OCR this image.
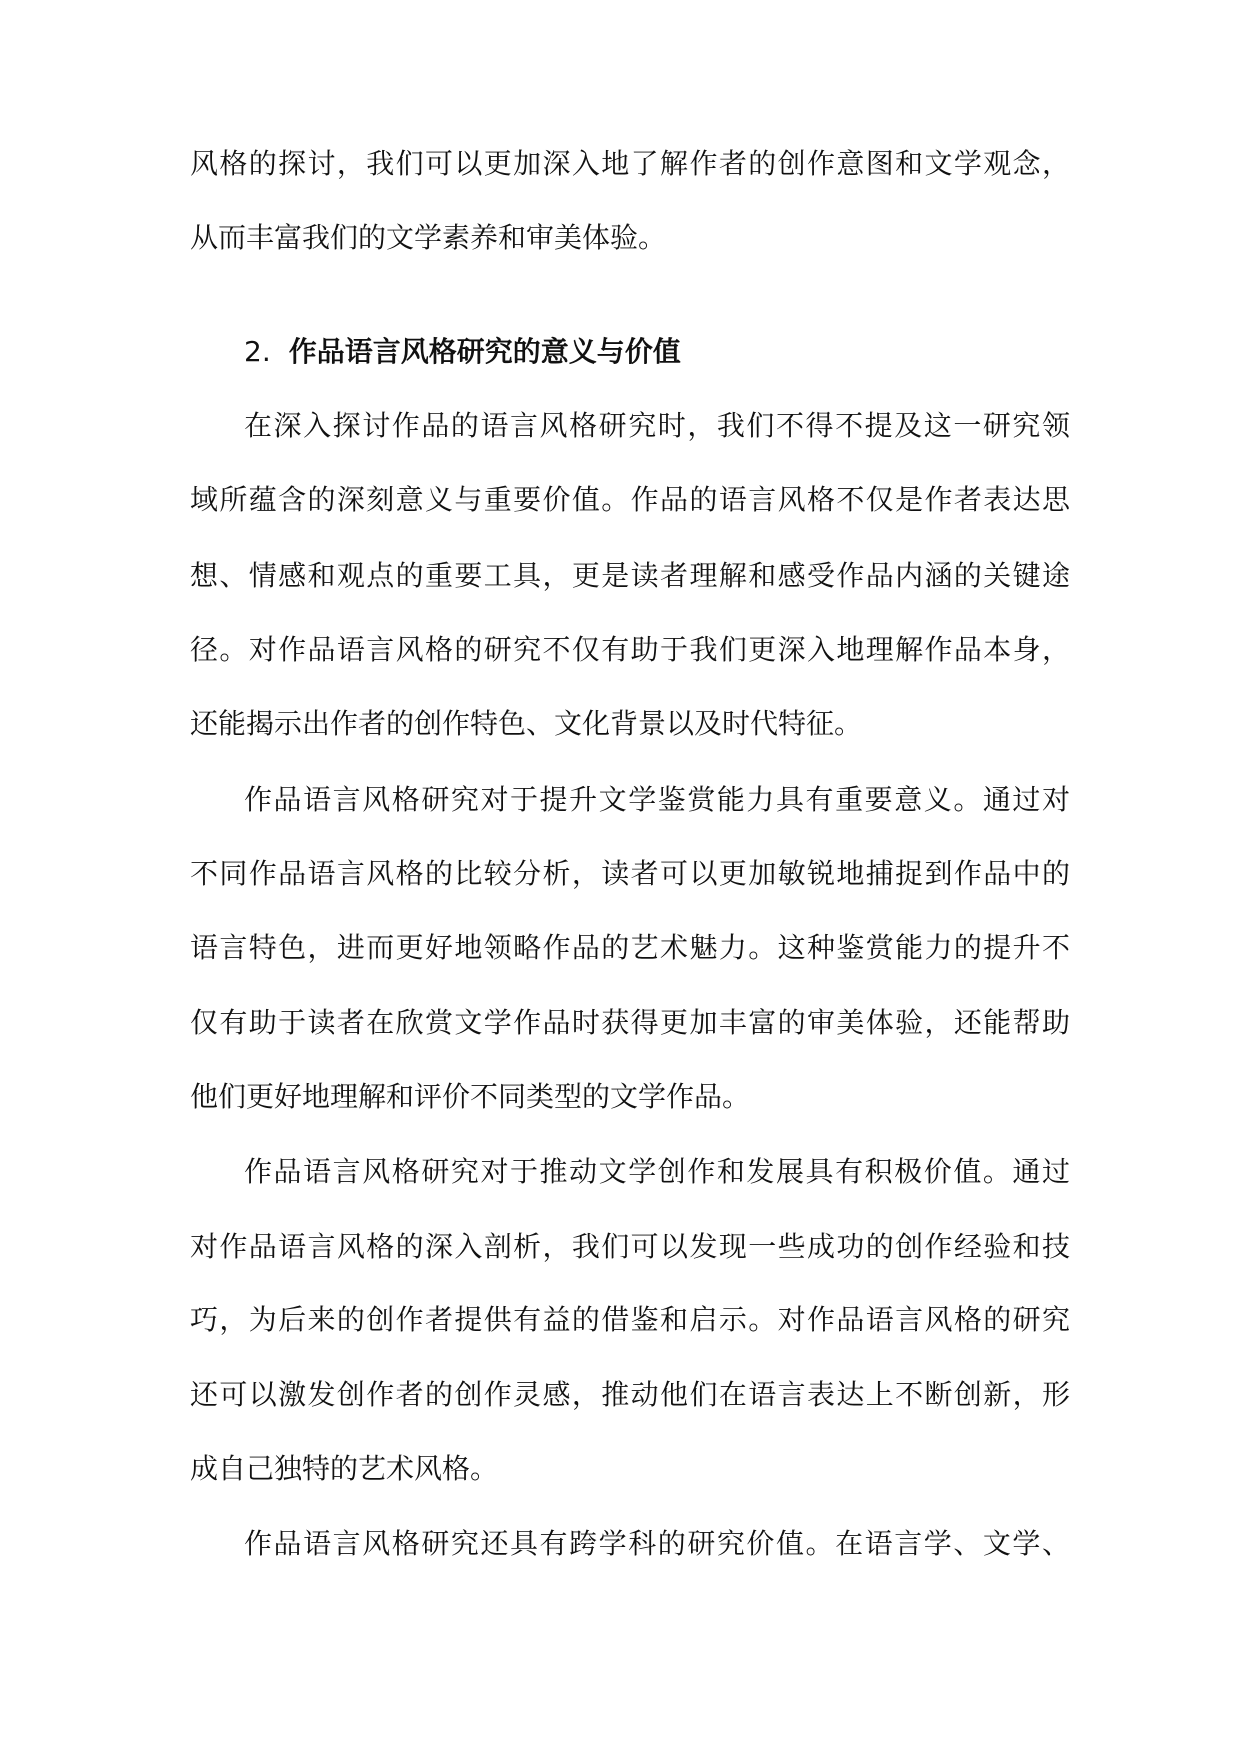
风格的探讨，我们可以更加深入地了解作者的创作意图和文学观念，
从而丰富我们的文学素养和审美体验。
2. 作品语言风格研究的意义与价值
在深入探讨作品的语言风格研究时，我们不得不提及这一研究领
域所蕴含的深刻意义与重要价值。作品的语言风格不仅是作者表达思
想、情感和观点的重要工具，更是读者理解和感受作品内涵的关键途
径。对作品语言风格的研究不仅有助于我们更深入地理解作品本身，
还能揭示出作者的创作特色、文化背景以及时代特征。
作品语言风格研究对于提升文学鉴赏能力具有重要意义。通过对
不同作品语言风格的比较分析，读者可以更加敏锐地捕捉到作品中的
语言特色，进而更好地领略作品的艺术魅力。这种鉴赏能力的提升不
仅有助于读者在欣赏文学作品时获得更加丰富的审美体验，还能帮助
他们更好地理解和评价不同类型的文学作品。
作品语言风格研究对于推动文学创作和发展具有积极价值。通过
对作品语言风格的深入剖析，我们可以发现一些成功的创作经验和技
巧，为后来的创作者提供有益的借鉴和启示。对作品语言风格的研究
还可以激发创作者的创作灵感，推动他们在语言表达上不断创新，形
成自己独特的艺术风格。
作品语言风格研究还具有跨学科的研究价值。在语言学、文学、
